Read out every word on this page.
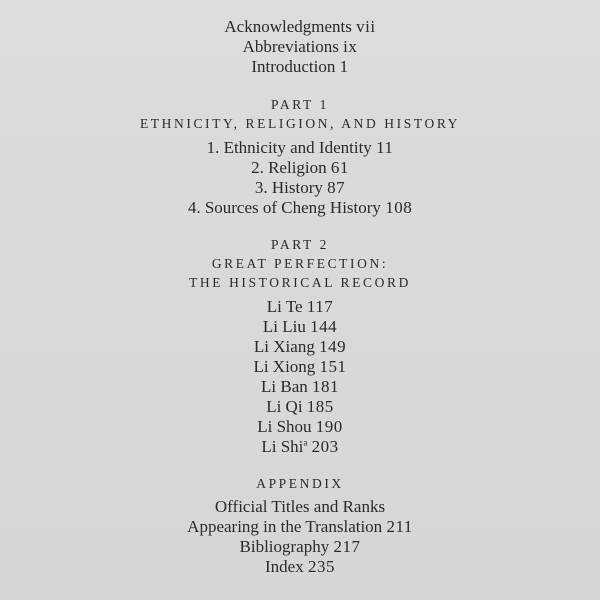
Acknowledgments vii
Abbreviations ix
Introduction 1
PART 1
ETHNICITY, RELIGION, AND HISTORY
1. Ethnicity and Identity 11
2. Religion 61
3. History 87
4. Sources of Cheng History 108
PART 2
GREAT PERFECTION:
THE HISTORICAL RECORD
Li Te 117
Li Liu 144
Li Xiang 149
Li Xiong 151
Li Ban 181
Li Qi 185
Li Shou 190
Li Shi$^a$ 203
APPENDIX
Official Titles and Ranks
Appearing in the Translation 211
Bibliography 217
Index 235
